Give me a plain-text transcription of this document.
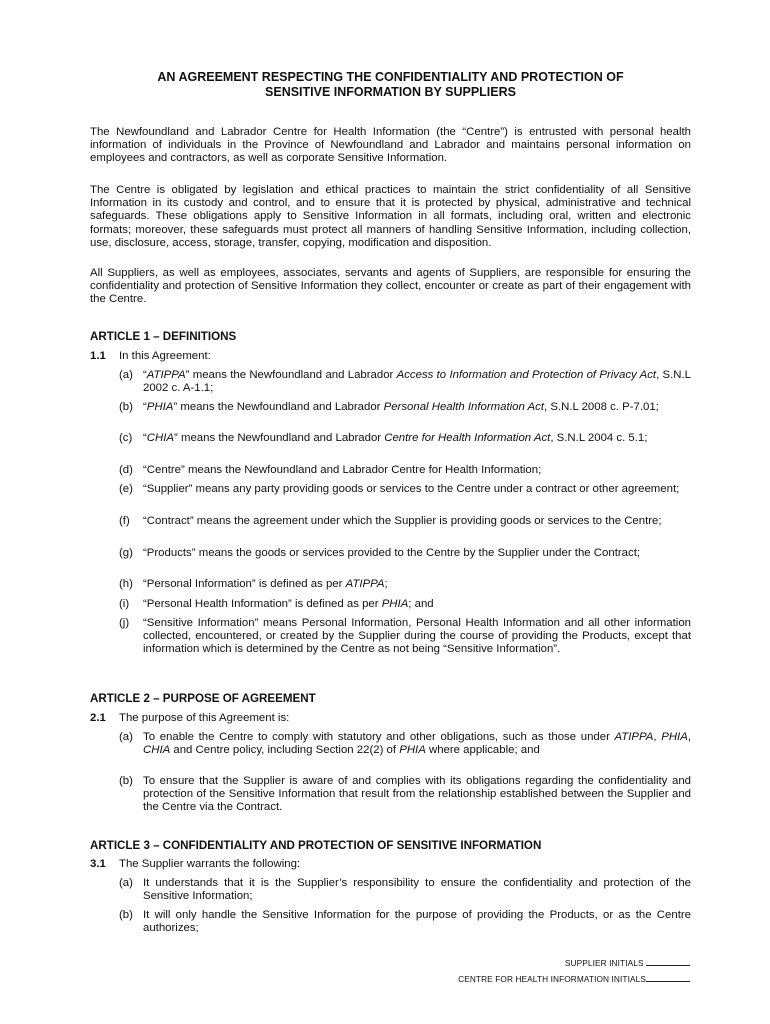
AN AGREEMENT RESPECTING THE CONFIDENTIALITY AND PROTECTION OF
SENSITIVE INFORMATION BY SUPPLIERS
The Newfoundland and Labrador Centre for Health Information (the “Centre”) is entrusted with personal health information of individuals in the Province of Newfoundland and Labrador and maintains personal information on employees and contractors, as well as corporate Sensitive Information.
The Centre is obligated by legislation and ethical practices to maintain the strict confidentiality of all Sensitive Information in its custody and control, and to ensure that it is protected by physical, administrative and technical safeguards. These obligations apply to Sensitive Information in all formats, including oral, written and electronic formats; moreover, these safeguards must protect all manners of handling Sensitive Information, including collection, use, disclosure, access, storage, transfer, copying, modification and disposition.
All Suppliers, as well as employees, associates, servants and agents of Suppliers, are responsible for ensuring the confidentiality and protection of Sensitive Information they collect, encounter or create as part of their engagement with the Centre.
ARTICLE 1 – DEFINITIONS
1.1 In this Agreement:
(a) “ATIPPA” means the Newfoundland and Labrador Access to Information and Protection of Privacy Act, S.N.L 2002 c. A-1.1;
(b) “PHIA” means the Newfoundland and Labrador Personal Health Information Act, S.N.L 2008 c. P-7.01;
(c) “CHIA” means the Newfoundland and Labrador Centre for Health Information Act, S.N.L 2004 c. 5.1;
(d) “Centre” means the Newfoundland and Labrador Centre for Health Information;
(e) “Supplier” means any party providing goods or services to the Centre under a contract or other agreement;
(f) “Contract” means the agreement under which the Supplier is providing goods or services to the Centre;
(g) “Products” means the goods or services provided to the Centre by the Supplier under the Contract;
(h) “Personal Information” is defined as per ATIPPA;
(i) “Personal Health Information” is defined as per PHIA; and
(j) “Sensitive Information” means Personal Information, Personal Health Information and all other information collected, encountered, or created by the Supplier during the course of providing the Products, except that information which is determined by the Centre as not being “Sensitive Information”.
ARTICLE 2 – PURPOSE OF AGREEMENT
2.1 The purpose of this Agreement is:
(a) To enable the Centre to comply with statutory and other obligations, such as those under ATIPPA, PHIA, CHIA and Centre policy, including Section 22(2) of PHIA where applicable; and
(b) To ensure that the Supplier is aware of and complies with its obligations regarding the confidentiality and protection of the Sensitive Information that result from the relationship established between the Supplier and the Centre via the Contract.
ARTICLE 3 – CONFIDENTIALITY AND PROTECTION OF SENSITIVE INFORMATION
3.1 The Supplier warrants the following:
(a) It understands that it is the Supplier’s responsibility to ensure the confidentiality and protection of the Sensitive Information;
(b) It will only handle the Sensitive Information for the purpose of providing the Products, or as the Centre authorizes;
SUPPLIER INITIALS
CENTRE FOR HEALTH INFORMATION INITIALS
